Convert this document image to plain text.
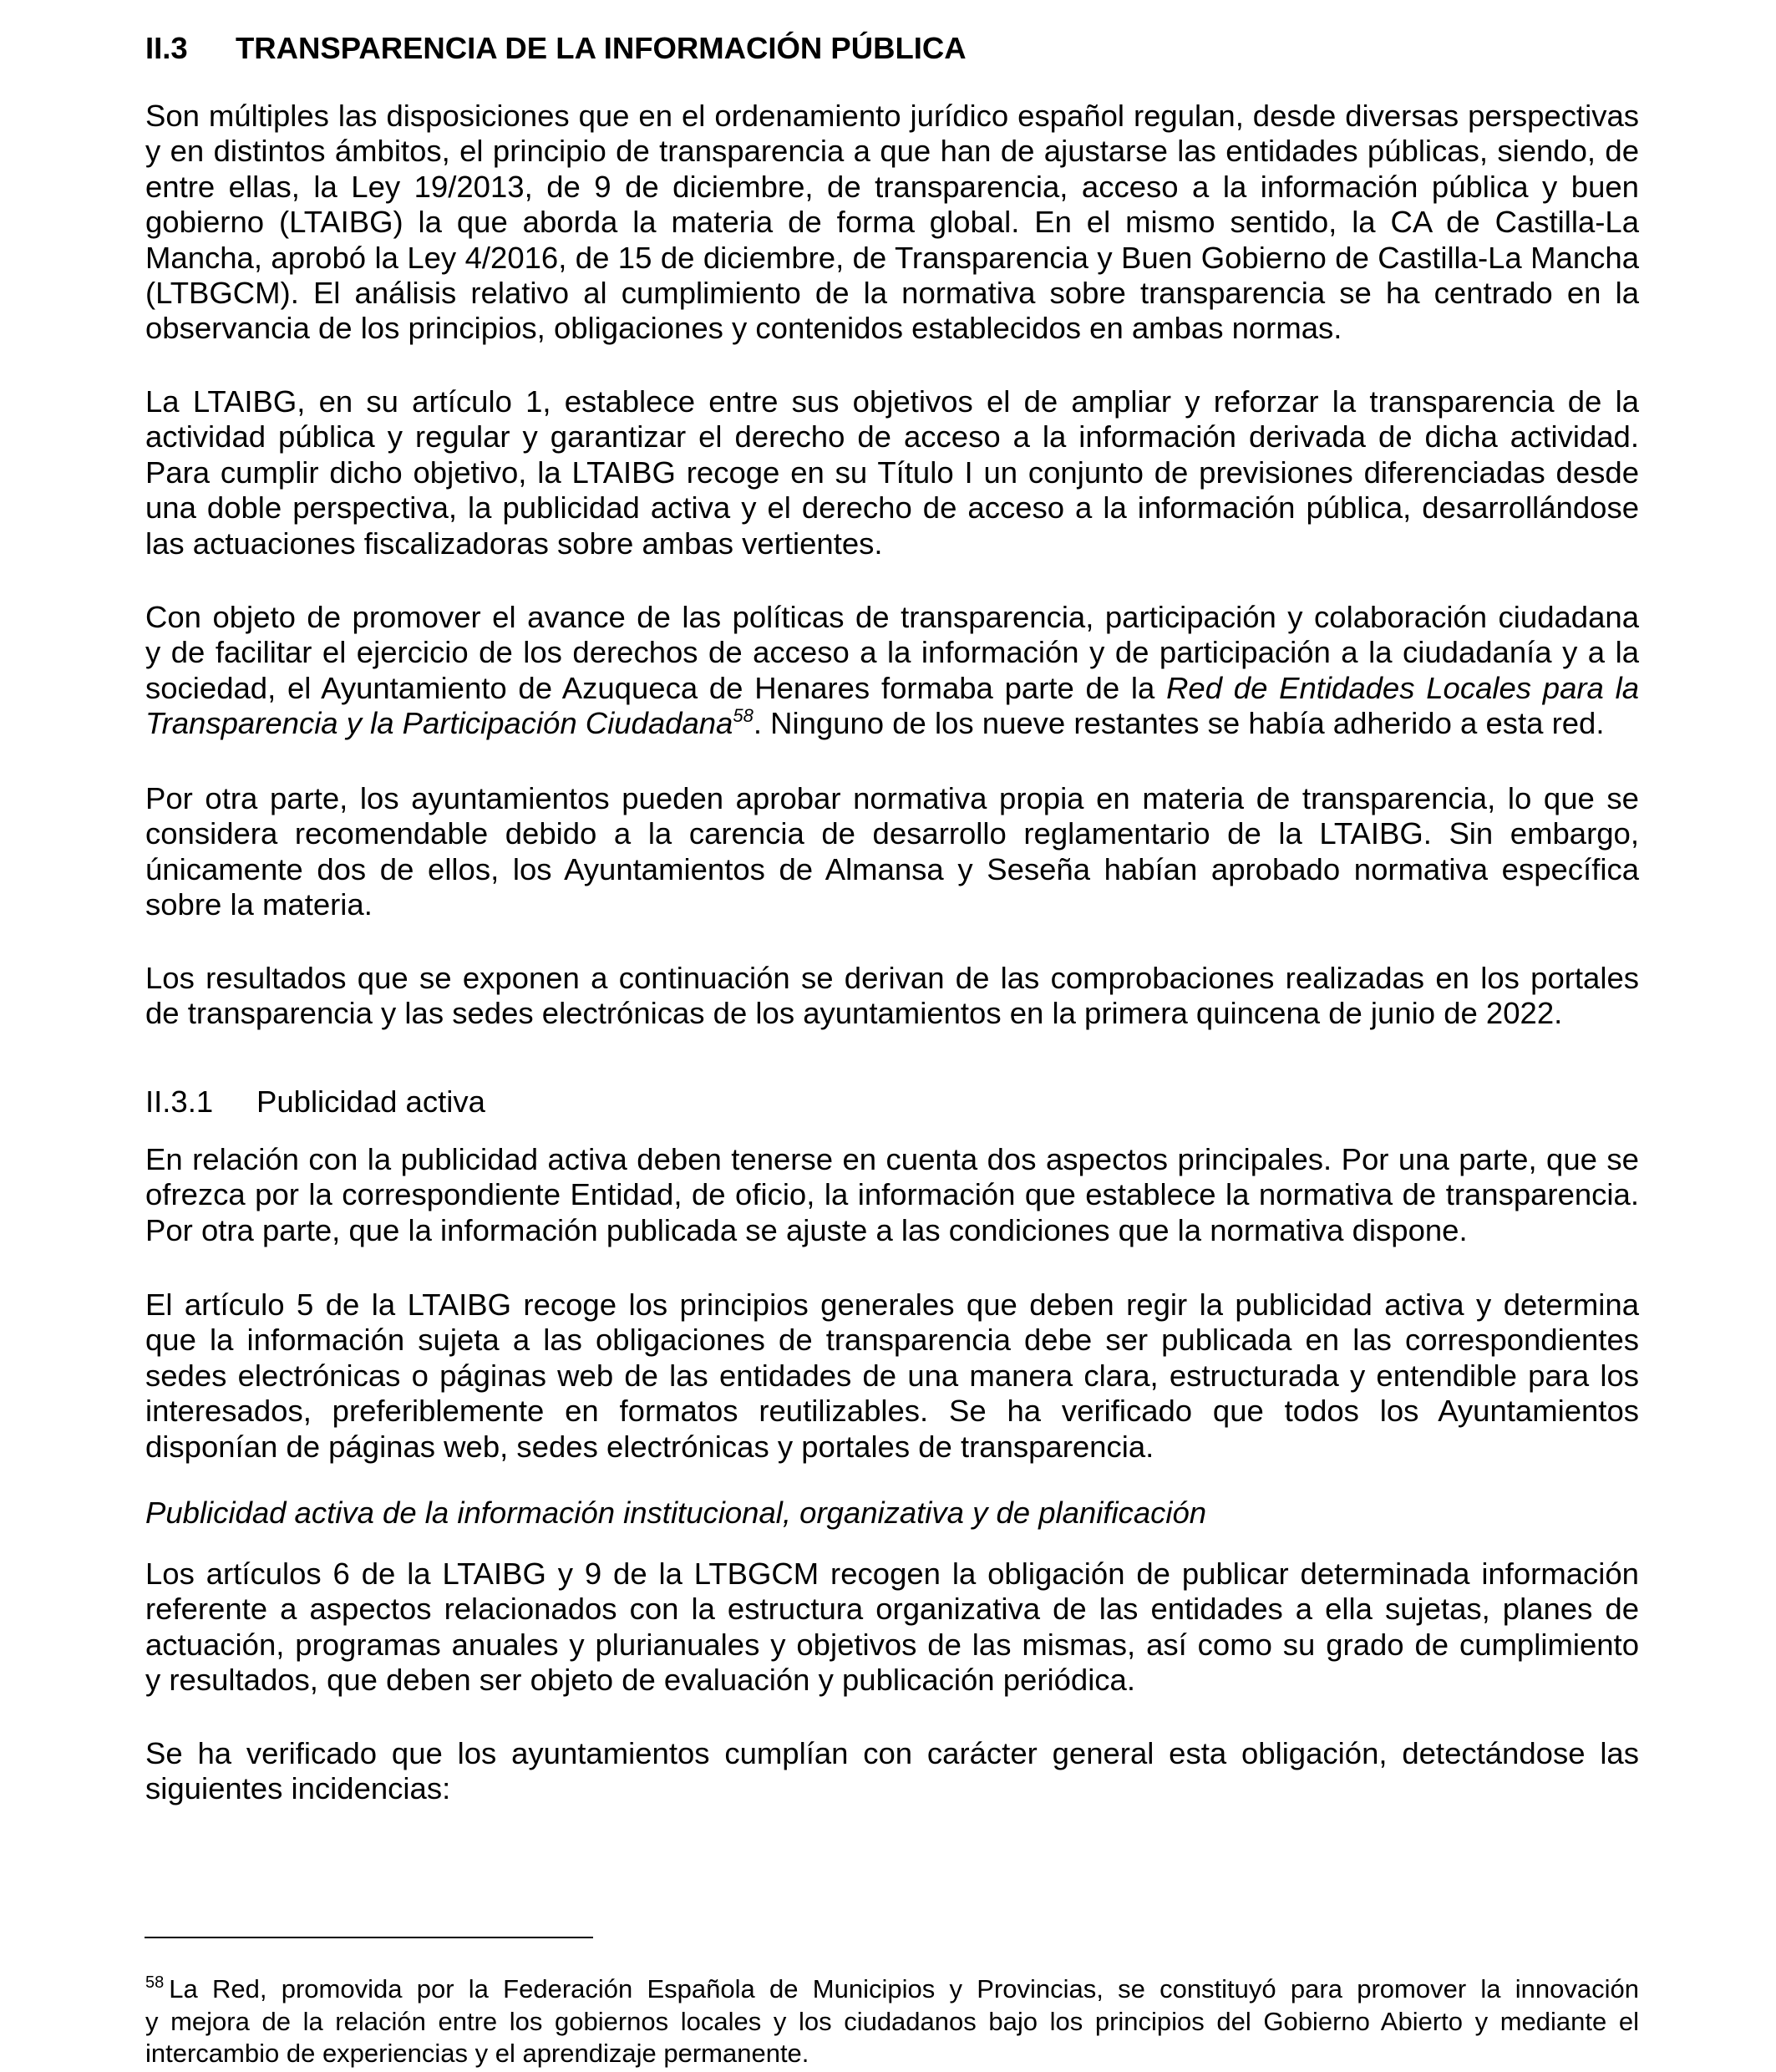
II.3 TRANSPARENCIA DE LA INFORMACIÓN PÚBLICA
Son múltiples las disposiciones que en el ordenamiento jurídico español regulan, desde diversas perspectivas
y en distintos ámbitos, el principio de transparencia a que han de ajustarse las entidades públicas, siendo, de
entre ellas, la Ley 19/2013, de 9 de diciembre, de transparencia, acceso a la información pública y buen
gobierno (LTAIBG) la que aborda la materia de forma global. En el mismo sentido, la CA de Castilla-La
Mancha, aprobó la Ley 4/2016, de 15 de diciembre, de Transparencia y Buen Gobierno de Castilla-La Mancha
(LTBGCM). El análisis relativo al cumplimiento de la normativa sobre transparencia se ha centrado en la
observancia de los principios, obligaciones y contenidos establecidos en ambas normas.
La LTAIBG, en su artículo 1, establece entre sus objetivos el de ampliar y reforzar la transparencia de la
actividad pública y regular y garantizar el derecho de acceso a la información derivada de dicha actividad.
Para cumplir dicho objetivo, la LTAIBG recoge en su Título I un conjunto de previsiones diferenciadas desde
una doble perspectiva, la publicidad activa y el derecho de acceso a la información pública, desarrollándose
las actuaciones fiscalizadoras sobre ambas vertientes.
Con objeto de promover el avance de las políticas de transparencia, participación y colaboración ciudadana
y de facilitar el ejercicio de los derechos de acceso a la información y de participación a la ciudadanía y a la
sociedad, el Ayuntamiento de Azuqueca de Henares formaba parte de la Red de Entidades Locales para la
Transparencia y la Participación Ciudadana$^{58}$. Ninguno de los nueve restantes se había adherido a esta red.
Por otra parte, los ayuntamientos pueden aprobar normativa propia en materia de transparencia, lo que se
considera recomendable debido a la carencia de desarrollo reglamentario de la LTAIBG. Sin embargo,
únicamente dos de ellos, los Ayuntamientos de Almansa y Seseña habían aprobado normativa específica
sobre la materia.
Los resultados que se exponen a continuación se derivan de las comprobaciones realizadas en los portales
de transparencia y las sedes electrónicas de los ayuntamientos en la primera quincena de junio de 2022.
II.3.1 Publicidad activa
En relación con la publicidad activa deben tenerse en cuenta dos aspectos principales. Por una parte, que se
ofrezca por la correspondiente Entidad, de oficio, la información que establece la normativa de transparencia.
Por otra parte, que la información publicada se ajuste a las condiciones que la normativa dispone.
El artículo 5 de la LTAIBG recoge los principios generales que deben regir la publicidad activa y determina
que la información sujeta a las obligaciones de transparencia debe ser publicada en las correspondientes
sedes electrónicas o páginas web de las entidades de una manera clara, estructurada y entendible para los
interesados, preferiblemente en formatos reutilizables. Se ha verificado que todos los Ayuntamientos
disponían de páginas web, sedes electrónicas y portales de transparencia.
Publicidad activa de la información institucional, organizativa y de planificación
Los artículos 6 de la LTAIBG y 9 de la LTBGCM recogen la obligación de publicar determinada información
referente a aspectos relacionados con la estructura organizativa de las entidades a ella sujetas, planes de
actuación, programas anuales y plurianuales y objetivos de las mismas, así como su grado de cumplimiento
y resultados, que deben ser objeto de evaluación y publicación periódica.
Se ha verificado que los ayuntamientos cumplían con carácter general esta obligación, detectándose las
siguientes incidencias:
$^{58}$ La Red, promovida por la Federación Española de Municipios y Provincias, se constituyó para promover la innovación
y mejora de la relación entre los gobiernos locales y los ciudadanos bajo los principios del Gobierno Abierto y mediante el
intercambio de experiencias y el aprendizaje permanente.
